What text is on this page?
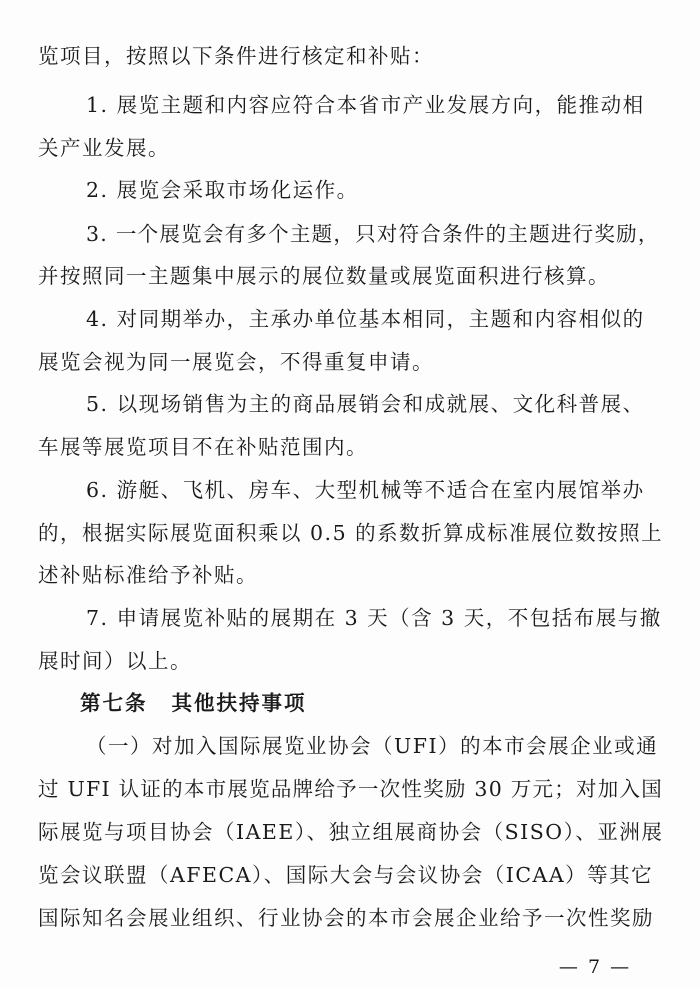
览项目，按照以下条件进行核定和补贴：
1. 展览主题和内容应符合本省市产业发展方向，能推动相
关产业发展。
2. 展览会采取市场化运作。
3. 一个展览会有多个主题，只对符合条件的主题进行奖励，
并按照同一主题集中展示的展位数量或展览面积进行核算。
4. 对同期举办，主承办单位基本相同，主题和内容相似的
展览会视为同一展览会，不得重复申请。
5. 以现场销售为主的商品展销会和成就展、文化科普展、
车展等展览项目不在补贴范围内。
6. 游艇、飞机、房车、大型机械等不适合在室内展馆举办
的，根据实际展览面积乘以 0.5 的系数折算成标准展位数按照上
述补贴标准给予补贴。
7. 申请展览补贴的展期在 3 天（含 3 天，不包括布展与撤
展时间）以上。
第七条 其他扶持事项
（一）对加入国际展览业协会（UFI）的本市会展企业或通
过 UFI 认证的本市展览品牌给予一次性奖励 30 万元；对加入国
际展览与项目协会（IAEE）、独立组展商协会（SISO）、亚洲展
览会议联盟（AFECA）、国际大会与会议协会（ICAA）等其它
国际知名会展业组织、行业协会的本市会展企业给予一次性奖励
— 7 —
